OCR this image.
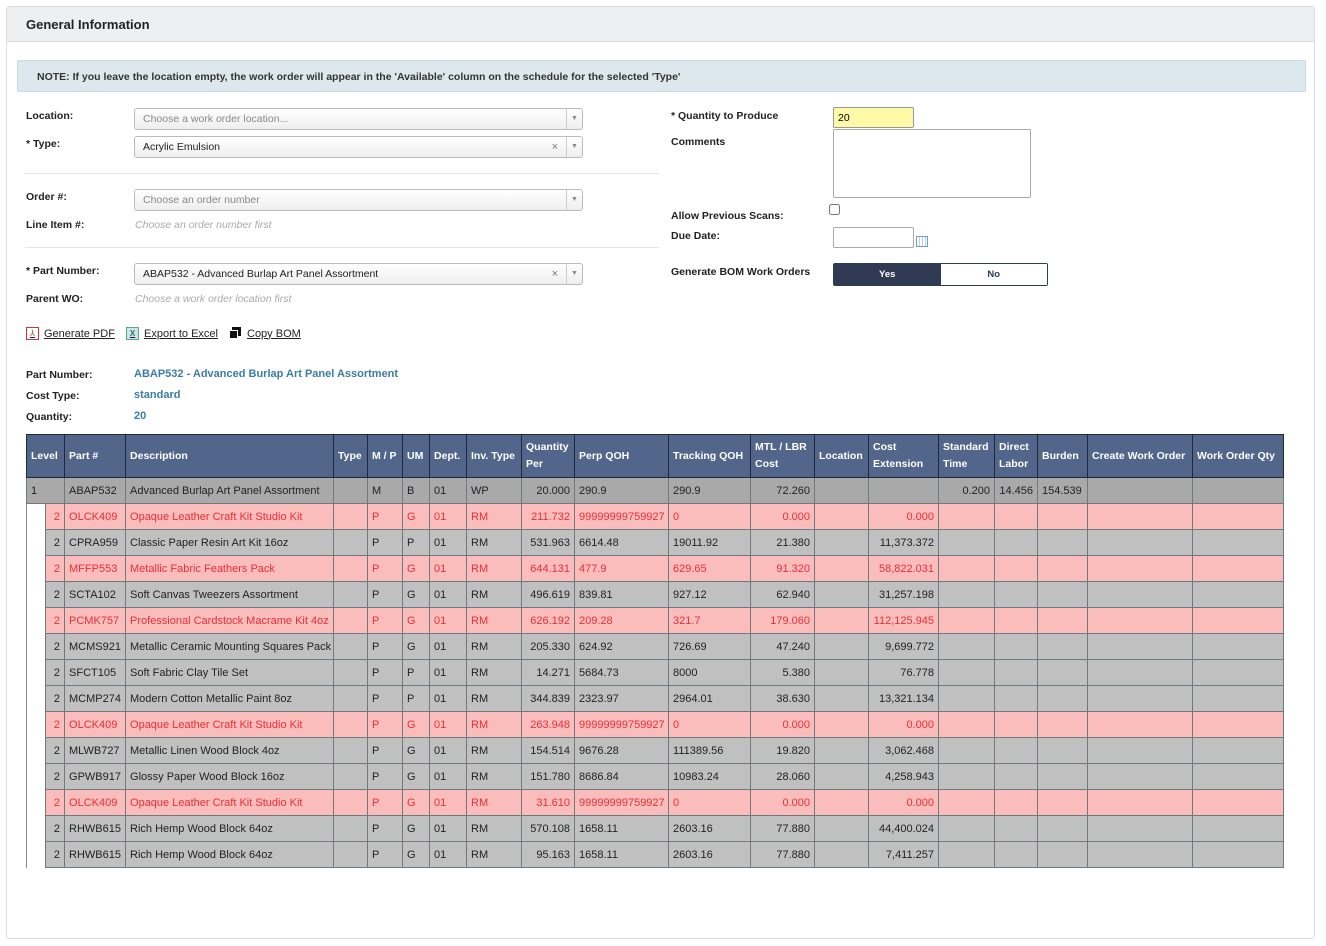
General Information
NOTE: If you leave the location empty, the work order will appear in the 'Available' column on the schedule for the selected 'Type'
Location:	Choose a work order location...	▼
* Type:	Acrylic Emulsion	×	▼
Order #:	Choose an order number	▼
Line Item #:	Choose an order number first
* Part Number:	ABAP532 - Advanced Burlap Art Panel Assortment	×	▼
Parent WO:	Choose a work order location first
* Quantity to Produce
20
Comments
Allow Previous Scans:
Due Date:
Generate BOM Work Orders	Yes	No
⅄ Generate PDF	X Export to Excel	Copy BOM
Part Number:	ABAP532 - Advanced Burlap Art Panel Assortment
Cost Type:	standard
Quantity:	20
Level		Part #	Description	Type	M / P	UM	Dept.	Inv. Type	Quantity Per	Perp QOH	Tracking QOH	MTL / LBR Cost	Location	Cost Extension	Standard Time	Direct Labor	Burden	Create Work Order	Work Order Qty
1		ABAP532	Advanced Burlap Art Panel Assortment		M	B	01	WP	20.000	290.9	290.9	72.260			0.200	14.456	154.539		
	2	OLCK409	Opaque Leather Craft Kit Studio Kit		P	G	01	RM	211.732	99999999759927	0	0.000		0.000					
	2	CPRA959	Classic Paper Resin Art Kit 16oz		P	P	01	RM	531.963	6614.48	19011.92	21.380		11,373.372					
	2	MFFP553	Metallic Fabric Feathers Pack		P	G	01	RM	644.131	477.9	629.65	91.320		58,822.031					
	2	SCTA102	Soft Canvas Tweezers Assortment		P	G	01	RM	496.619	839.81	927.12	62.940		31,257.198					
	2	PCMK757	Professional Cardstock Macrame Kit 4oz		P	G	01	RM	626.192	209.28	321.7	179.060		112,125.945					
	2	MCMS921	Metallic Ceramic Mounting Squares Pack		P	G	01	RM	205.330	624.92	726.69	47.240		9,699.772					
	2	SFCT105	Soft Fabric Clay Tile Set		P	P	01	RM	14.271	5684.73	8000	5.380		76.778					
	2	MCMP274	Modern Cotton Metallic Paint 8oz		P	P	01	RM	344.839	2323.97	2964.01	38.630		13,321.134					
	2	OLCK409	Opaque Leather Craft Kit Studio Kit		P	G	01	RM	263.948	99999999759927	0	0.000		0.000					
	2	MLWB727	Metallic Linen Wood Block 4oz		P	G	01	RM	154.514	9676.28	111389.56	19.820		3,062.468					
	2	GPWB917	Glossy Paper Wood Block 16oz		P	G	01	RM	151.780	8686.84	10983.24	28.060		4,258.943					
	2	OLCK409	Opaque Leather Craft Kit Studio Kit		P	G	01	RM	31.610	99999999759927	0	0.000		0.000					
	2	RHWB615	Rich Hemp Wood Block 64oz		P	G	01	RM	570.108	1658.11	2603.16	77.880		44,400.024					
	2	RHWB615	Rich Hemp Wood Block 64oz		P	G	01	RM	95.163	1658.11	2603.16	77.880		7,411.257					
